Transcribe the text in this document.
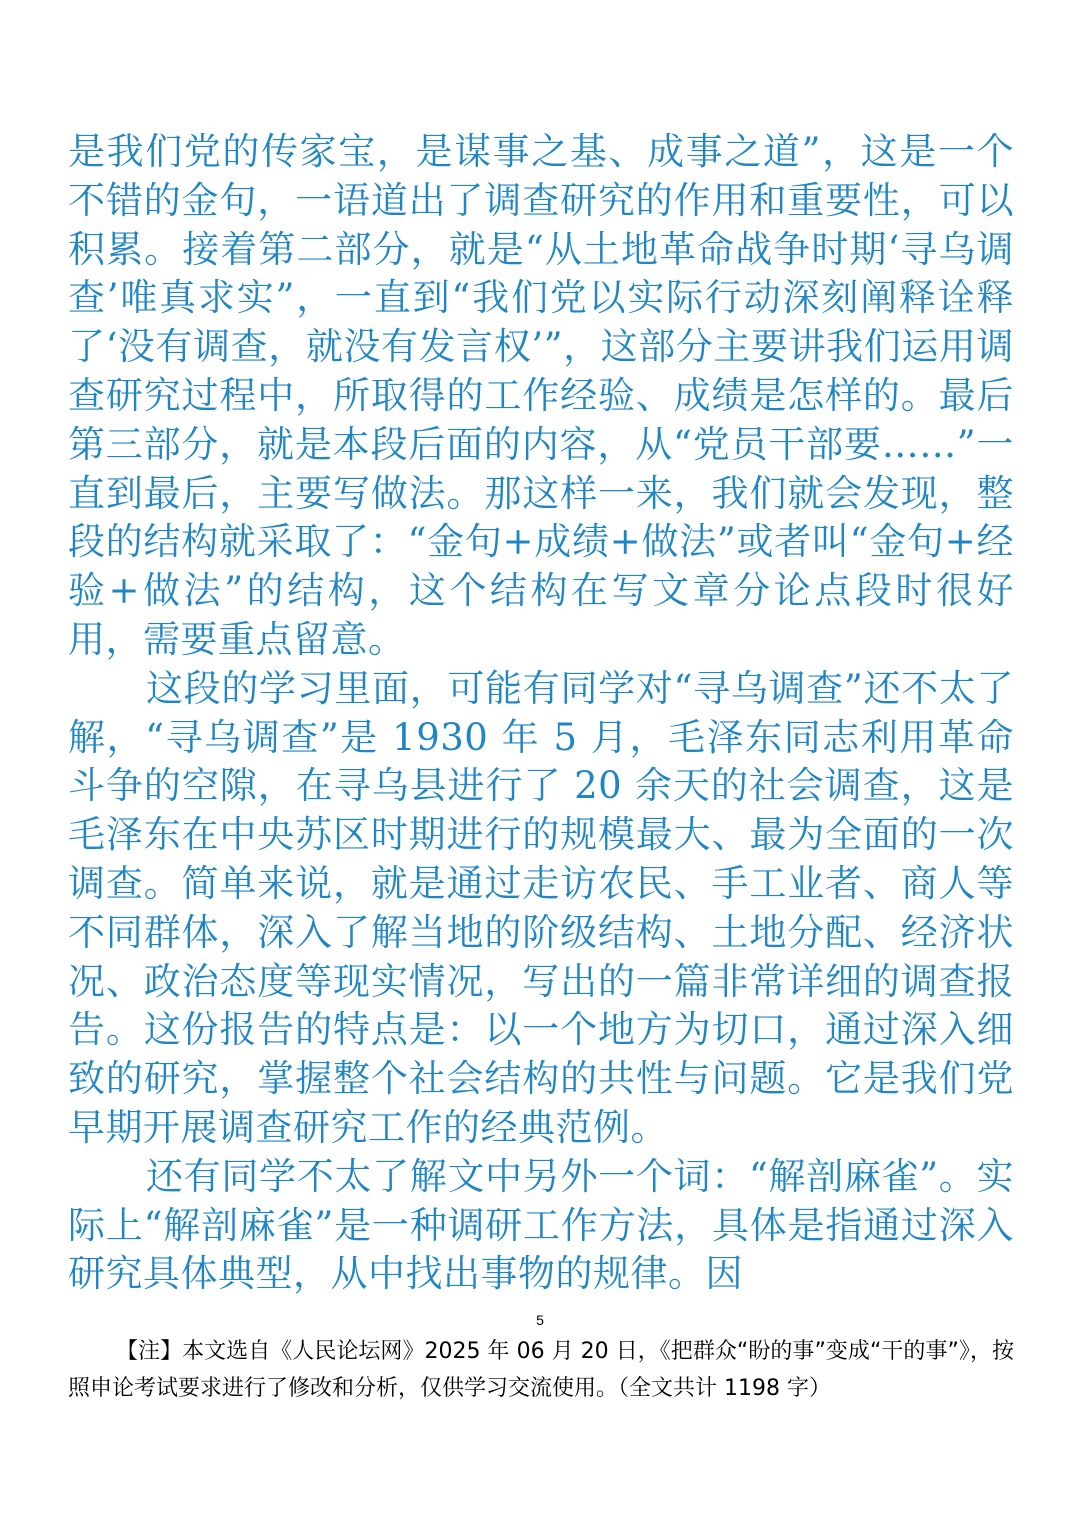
是我们党的传家宝，是谋事之基、成事之道”，这是一个不错的金句，一语道出了调查研究的作用和重要性，可以积累。接着第二部分，就是“从土地革命战争时期‘寻乌调查’唯真求实”，一直到“我们党以实际行动深刻阐释诠释了‘没有调查，就没有发言权’”，这部分主要讲我们运用调查研究过程中，所取得的工作经验、成绩是怎样的。最后第三部分，就是本段后面的内容，从“党员干部要……”一直到最后，主要写做法。那这样一来，我们就会发现，整段的结构就采取了：“金句+成绩+做法”或者叫“金句+经验+做法”的结构，这个结构在写文章分论点段时很好用，需要重点留意。

这段的学习里面，可能有同学对“寻乌调查”还不太了解，“寻乌调查”是 1930 年 5 月，毛泽东同志利用革命斗争的空隙，在寻乌县进行了 20 余天的社会调查，这是毛泽东在中央苏区时期进行的规模最大、最为全面的一次调查。简单来说，就是通过走访农民、手工业者、商人等不同群体，深入了解当地的阶级结构、土地分配、经济状况、政治态度等现实情况，写出的一篇非常详细的调查报告。这份报告的特点是：以一个地方为切口，通过深入细致的研究，掌握整个社会结构的共性与问题。它是我们党早期开展调查研究工作的经典范例。

还有同学不太了解文中另外一个词：“解剖麻雀”。实际上“解剖麻雀”是一种调研工作方法，具体是指通过深入研究具体典型，从中找出事物的规律。因

5

【注】本文选自《人民论坛网》2025 年 06 月 20 日，《把群众“盼的事”变成“干的事”》，按照申论考试要求进行了修改和分析，仅供学习交流使用。（全文共计 1198 字）
